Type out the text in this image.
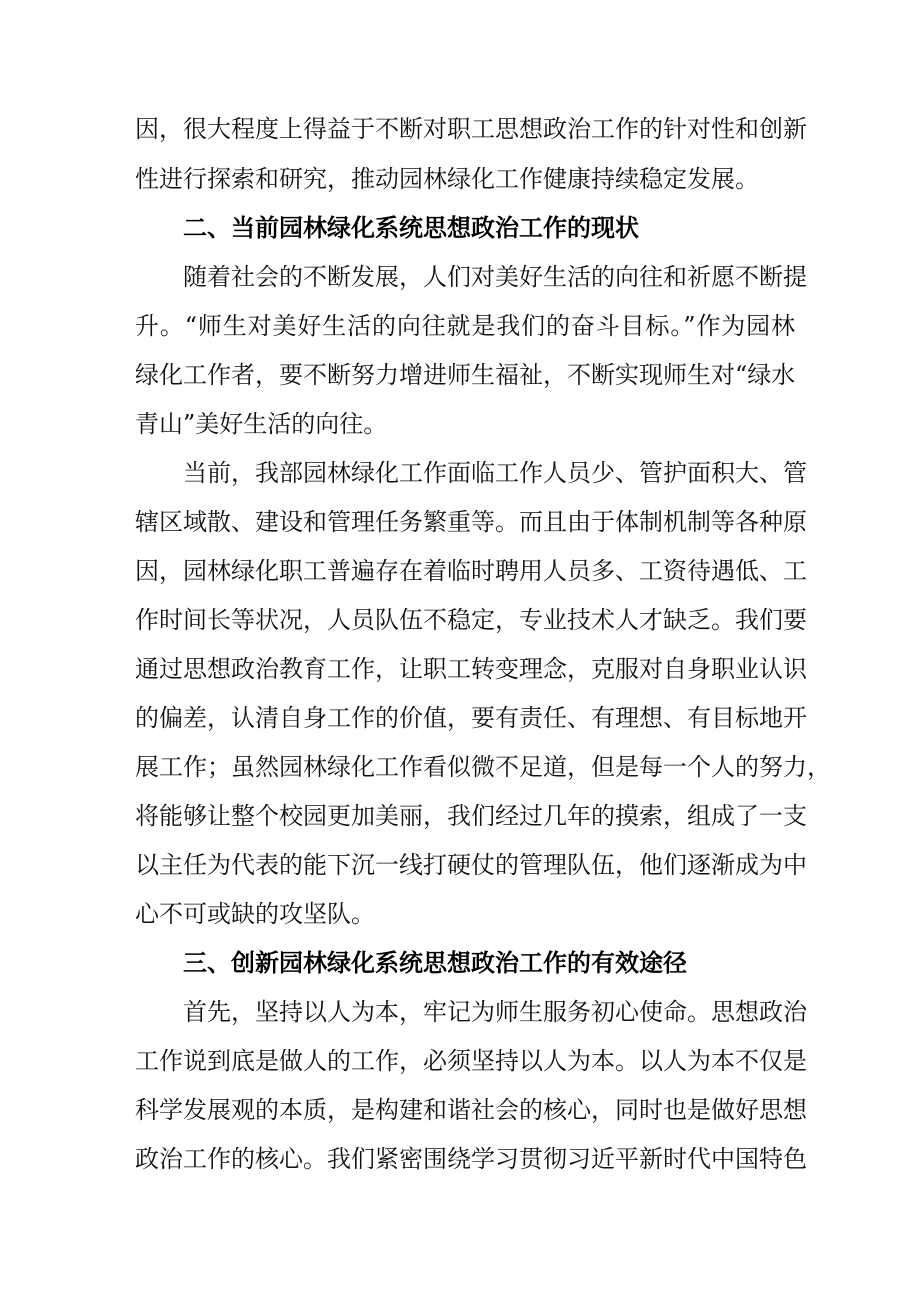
因，很大程度上得益于不断对职工思想政治工作的针对性和创新
性进行探索和研究，推动园林绿化工作健康持续稳定发展。
二、当前园林绿化系统思想政治工作的现状
随着社会的不断发展，人们对美好生活的向往和祈愿不断提
升。“师生对美好生活的向往就是我们的奋斗目标。”作为园林
绿化工作者，要不断努力增进师生福祉，不断实现师生对“绿水
青山”美好生活的向往。
当前，我部园林绿化工作面临工作人员少、管护面积大、管
辖区域散、建设和管理任务繁重等。而且由于体制机制等各种原
因，园林绿化职工普遍存在着临时聘用人员多、工资待遇低、工
作时间长等状况，人员队伍不稳定，专业技术人才缺乏。我们要
通过思想政治教育工作，让职工转变理念，克服对自身职业认识
的偏差，认清自身工作的价值，要有责任、有理想、有目标地开
展工作；虽然园林绿化工作看似微不足道，但是每一个人的努力，
将能够让整个校园更加美丽，我们经过几年的摸索，组成了一支
以主任为代表的能下沉一线打硬仗的管理队伍，他们逐渐成为中
心不可或缺的攻坚队。
三、创新园林绿化系统思想政治工作的有效途径
首先，坚持以人为本，牢记为师生服务初心使命。思想政治
工作说到底是做人的工作，必须坚持以人为本。以人为本不仅是
科学发展观的本质，是构建和谐社会的核心，同时也是做好思想
政治工作的核心。我们紧密围绕学习贯彻习近平新时代中国特色
